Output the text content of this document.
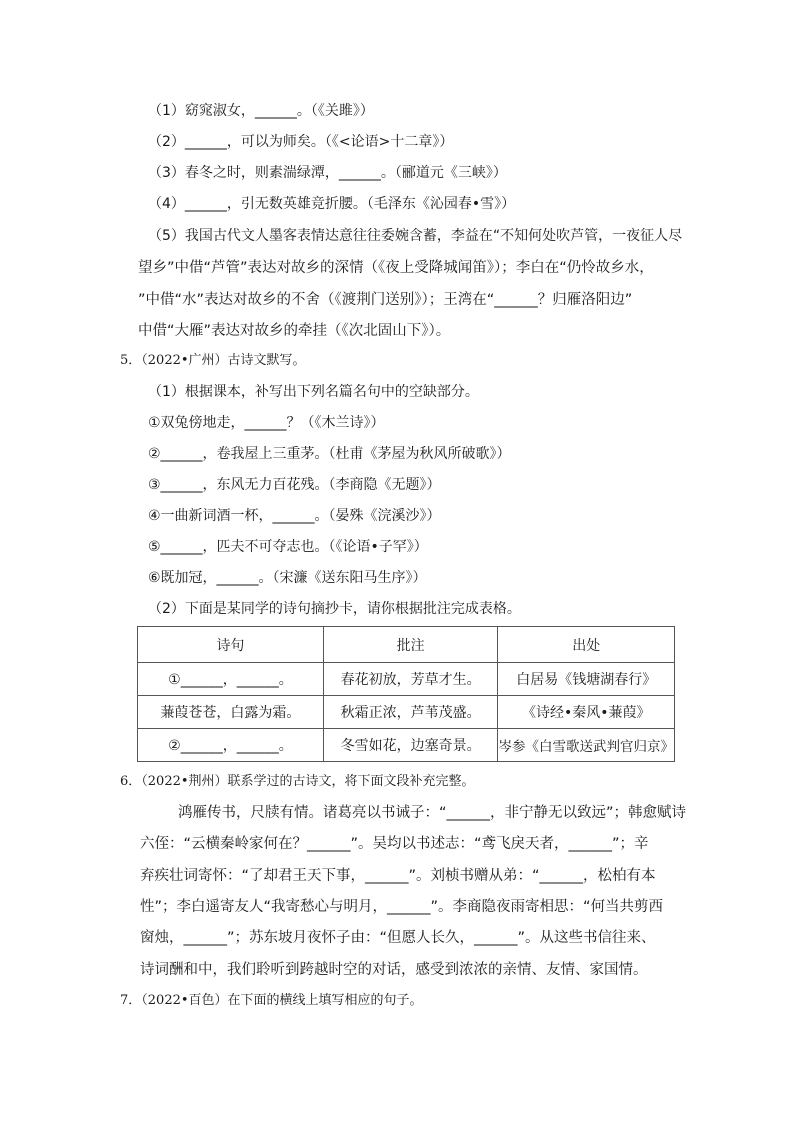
（1）窈窕淑女，______。（《关雎》）
（2）______，可以为师矣。（《<论语>十二章》）
（3）春冬之时，则素湍绿潭，______。（郦道元《三峡》）
（4）______，引无数英雄竞折腰。（毛泽东《沁园春•雪》）
（5）我国古代文人墨客表情达意往往委婉含蓄，李益在“不知何处吹芦管，一夜征人尽
望乡”中借“芦管”表达对故乡的深情（《夜上受降城闻笛》）；李白在“仍怜故乡水，
”中借“水”表达对故乡的不舍（《渡荆门送别》）；王湾在“______？归雁洛阳边”
中借“大雁”表达对故乡的牵挂（《次北固山下》）。
5．（2022•广州）古诗文默写。
（1）根据课本，补写出下列名篇名句中的空缺部分。
①双兔傍地走，______？（《木兰诗》）
②______，卷我屋上三重茅。（杜甫《茅屋为秋风所破歌》）
③______，东风无力百花残。（李商隐《无题》）
④一曲新词酒一杯，______。（晏殊《浣溪沙》）
⑤______，匹夫不可夺志也。（《论语•子罕》）
⑥既加冠，______。（宋濂《送东阳马生序》）
（2）下面是某同学的诗句摘抄卡，请你根据批注完成表格。
诗句	批注	出处
①______，______。	春花初放，芳草才生。	白居易《钱塘湖春行》
蒹葭苍苍，白露为霜。	秋霜正浓，芦苇茂盛。	《诗经•秦风•蒹葭》
②______，______。	冬雪如花，边塞奇景。	岑参《白雪歌送武判官归京》
6．（2022•荆州）联系学过的古诗文，将下面文段补充完整。
鸿雁传书，尺牍有情。诸葛亮以书诫子：“______，非宁静无以致远”；韩愈赋诗
六侄：“云横秦岭家何在？______”。吴均以书述志：“鸢飞戾天者，______”；辛
弃疾壮词寄怀：“了却君王天下事，______”。刘桢书赠从弟：“______，松柏有本
性”；李白遥寄友人“我寄愁心与明月，______”。李商隐夜雨寄相思：“何当共剪西
窗烛，______”；苏东坡月夜怀子由：“但愿人长久，______”。从这些书信往来、
诗词酬和中，我们聆听到跨越时空的对话，感受到浓浓的亲情、友情、家国情。
7．（2022•百色）在下面的横线上填写相应的句子。
